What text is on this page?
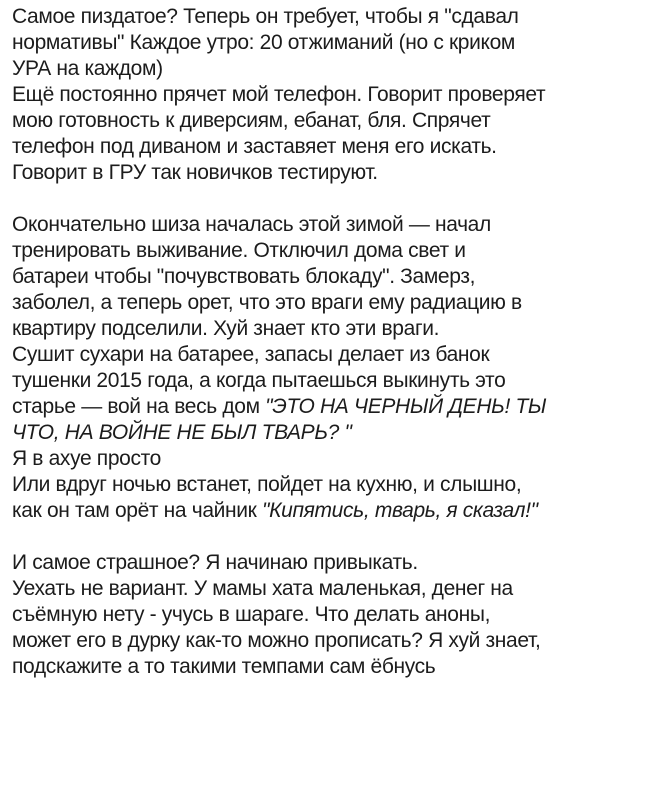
Самое пиздатое? Теперь он требует, чтобы я "сдавал
нормативы" Каждое утро: 20 отжиманий (но с криком
УРА на каждом)
Ещё постоянно прячет мой телефон. Говорит проверяет
мою готовность к диверсиям, ебанат, бля. Спрячет
телефон под диваном и заставяет меня его искать.
Говорит в ГРУ так новичков тестируют.
Окончательно шиза началась этой зимой — начал
тренировать выживание. Отключил дома свет и
батареи чтобы "почувствовать блокаду". Замерз,
заболел, а теперь орет, что это враги ему радиацию в
квартиру подселили. Хуй знает кто эти враги.
Сушит сухари на батарее, запасы делает из банок
тушенки 2015 года, а когда пытаешься выкинуть это
старье — вой на весь дом "ЭТО НА ЧЕРНЫЙ ДЕНЬ! ТЫ
ЧТО, НА ВОЙНЕ НЕ БЫЛ ТВАРЬ? "
Я в ахуе просто
Или вдруг ночью встанет, пойдет на кухню, и слышно,
как он там орёт на чайник "Кипятись, тварь, я сказал!"
И самое страшное? Я начинаю привыкать.
Уехать не вариант. У мамы хата маленькая, денег на
съёмную нету - учусь в шараге. Что делать аноны,
может его в дурку как-то можно прописать? Я хуй знает,
подскажите а то такими темпами сам ёбнусь
